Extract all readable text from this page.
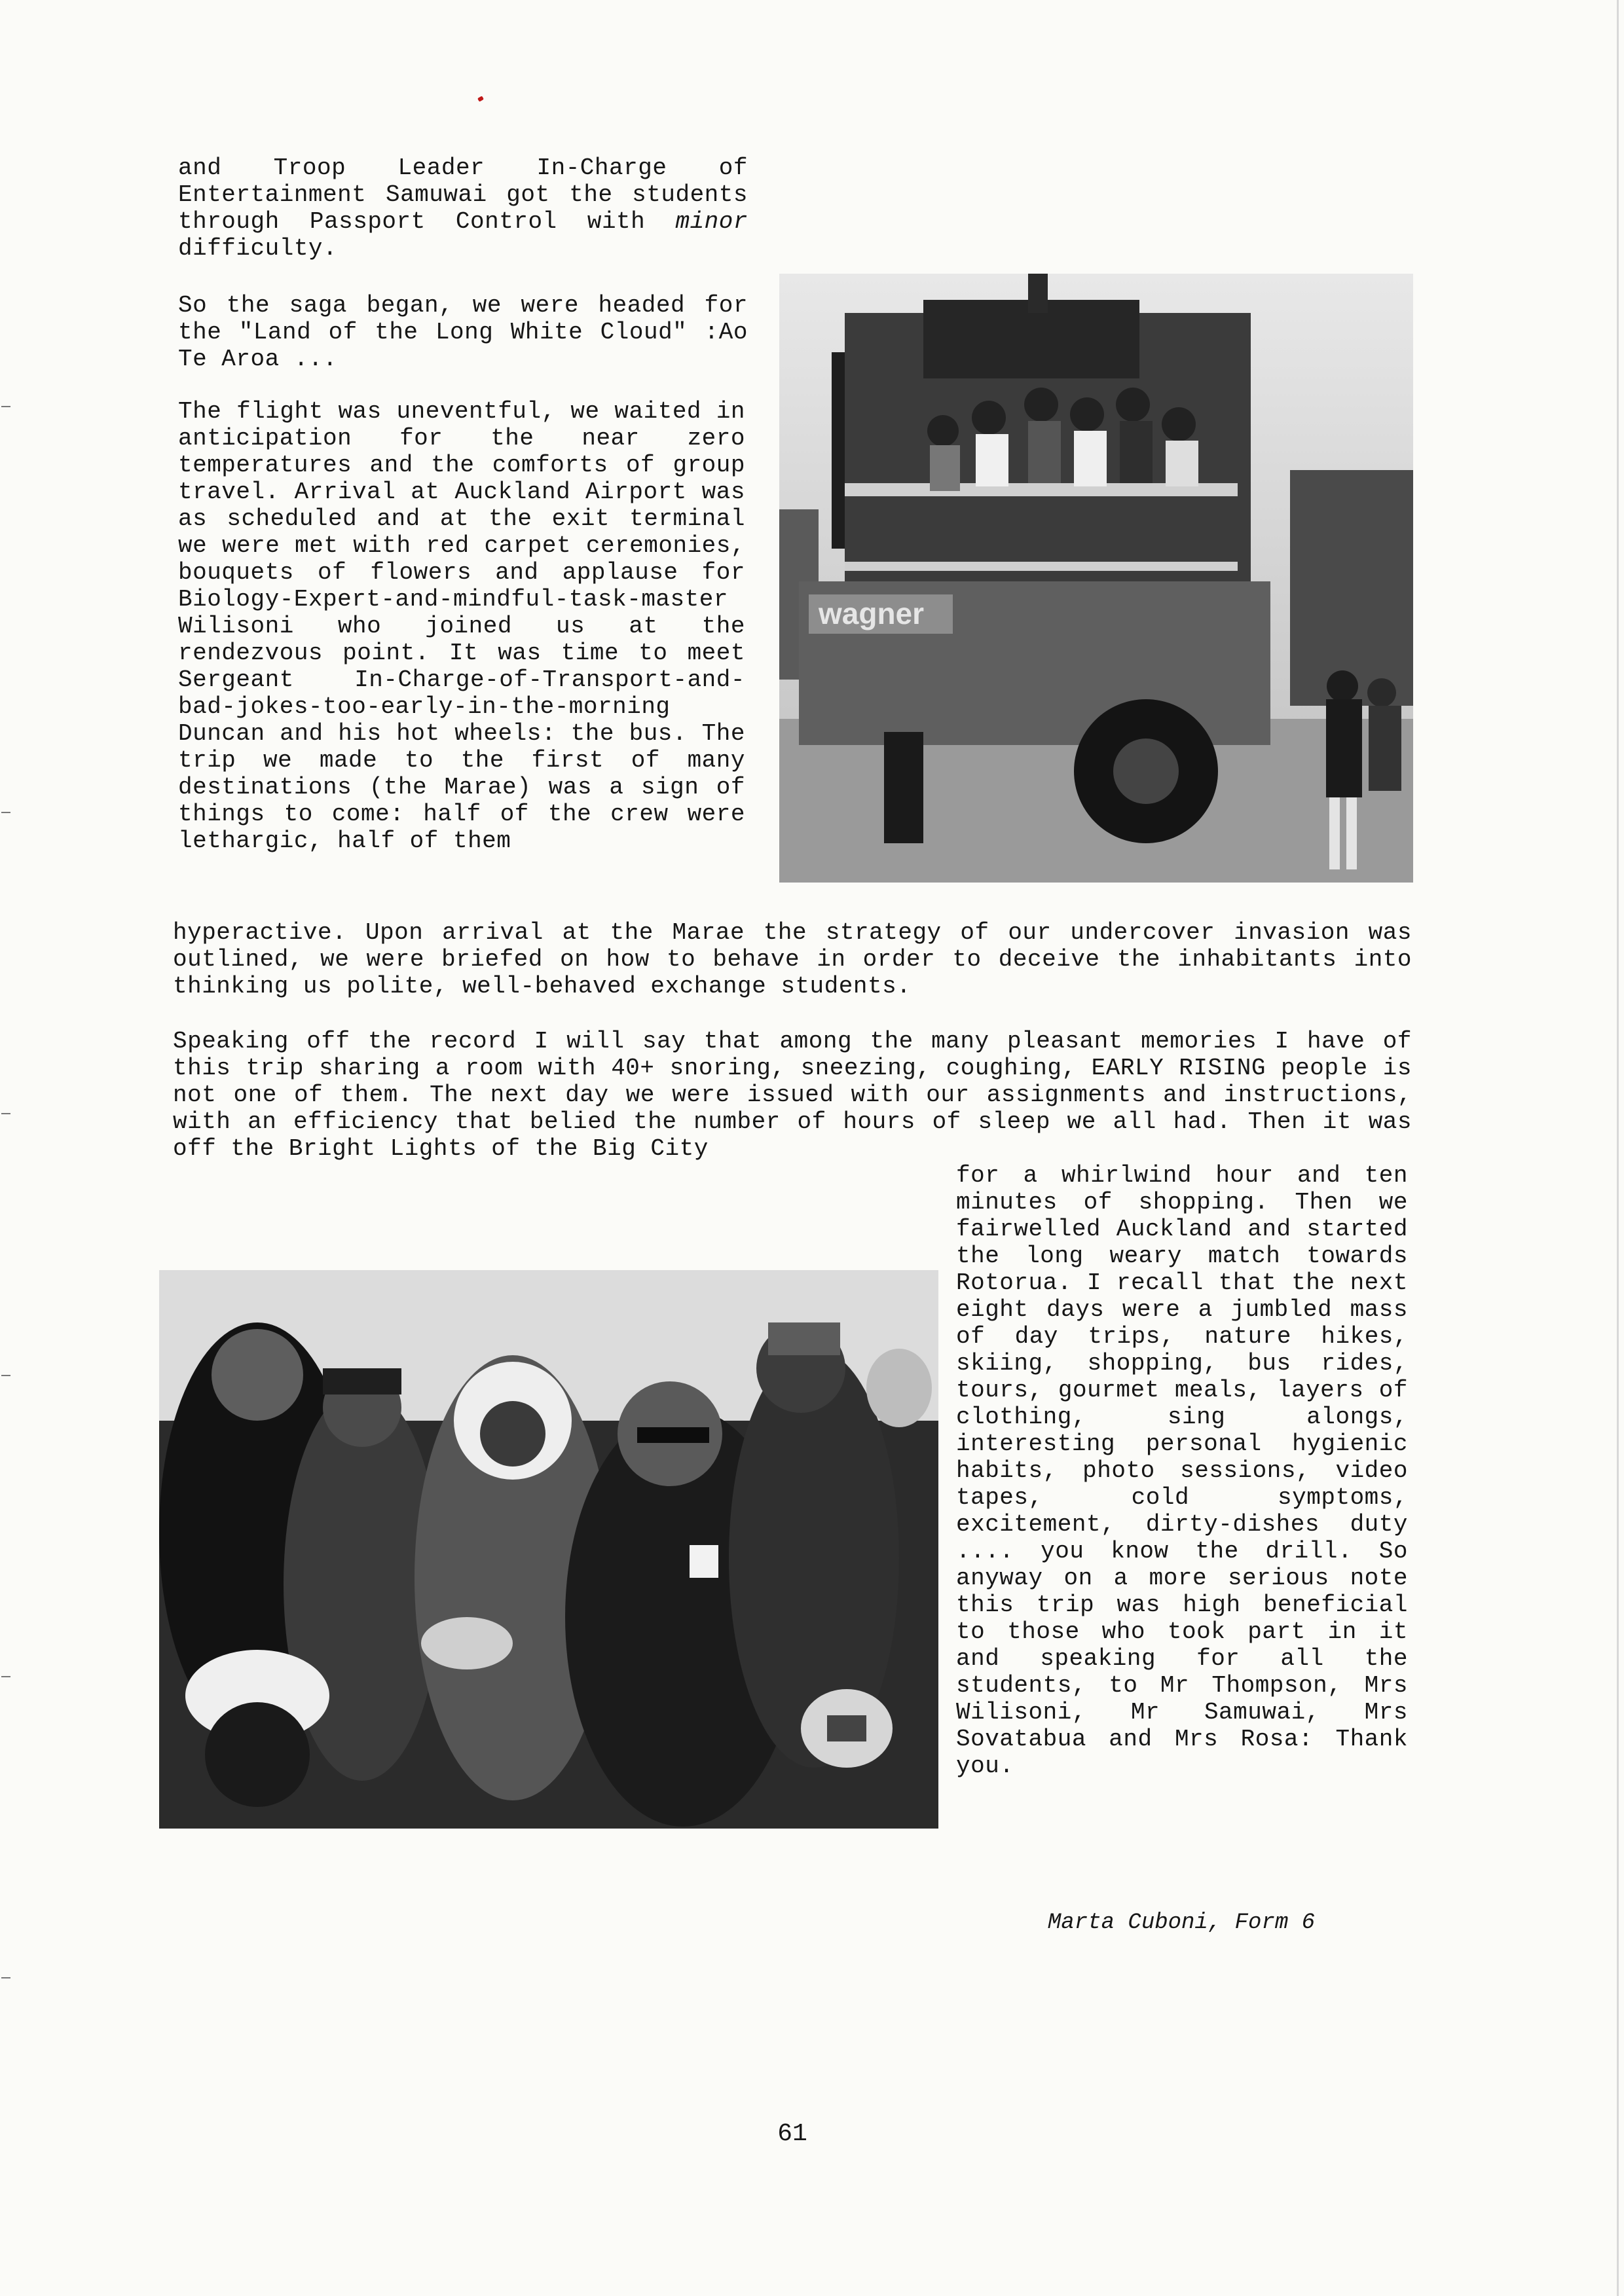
and Troop Leader In-Charge of Entertainment Samuwai got the students through Passport Control with minor difficulty.

So the saga began, we were headed for the "Land of the Long White Cloud" :Ao Te Aroa ...

The flight was uneventful, we waited in anticipation for the near zero temperatures and the comforts of group travel. Arrival at Auckland Airport was as scheduled and at the exit terminal we were met with red carpet ceremonies, bouquets of flowers and applause for Biology-Expert-and-mindful-task-master Wilisoni who joined us at the rendezvous point. It was time to meet Sergeant In-Charge-of-Transport-and-bad-jokes-too-early-in-the-morning Duncan and his hot wheels: the bus. The trip we made to the first of many destinations (the Marae) was a sign of things to come: half of the crew were lethargic, half of them

hyperactive. Upon arrival at the Marae the strategy of our undercover invasion was outlined, we were briefed on how to behave in order to deceive the inhabitants into thinking us polite, well-behaved exchange students.

Speaking off the record I will say that among the many pleasant memories I have of this trip sharing a room with 40+ snoring, sneezing, coughing, EARLY RISING people is not one of them. The next day we were issued with our assignments and instructions, with an efficiency that belied the number of hours of sleep we all had. Then it was off the Bright Lights of the Big City

for a whirlwind hour and ten minutes of shopping. Then we fairwelled Auckland and started the long weary match towards Rotorua. I recall that the next eight days were a jumbled mass of day trips, nature hikes, skiing, shopping, bus rides, tours, gourmet meals, layers of clothing, sing alongs, interesting personal hygienic habits, photo sessions, video tapes, cold symptoms, excitement, dirty-dishes duty .... you know the drill. So anyway on a more serious note this trip was high beneficial to those who took part in it and speaking for all the students, to Mr Thompson, Mrs Wilisoni, Mr Samuwai, Mrs Sovatabua and Mrs Rosa: Thank you.

wagner
Marta Cuboni, Form 6
61
